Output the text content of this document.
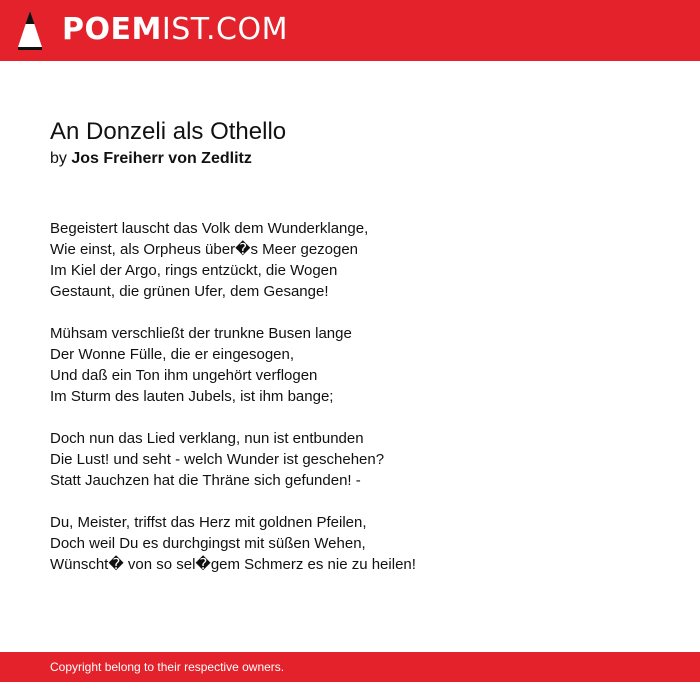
POEMIST.COM
An Donzeli als Othello
by Jos Freiherr von Zedlitz
Begeistert lauscht das Volk dem Wunderklange,
Wie einst, als Orpheus über�s Meer gezogen
Im Kiel der Argo, rings entzückt, die Wogen
Gestaunt, die grünen Ufer, dem Gesange!
Mühsam verschließt der trunkne Busen lange
Der Wonne Fülle, die er eingesogen,
Und daß ein Ton ihm ungehört verflogen
Im Sturm des lauten Jubels, ist ihm bange;
Doch nun das Lied verklang, nun ist entbunden
Die Lust! und seht - welch Wunder ist geschehen?
Statt Jauchzen hat die Thräne sich gefunden! -
Du, Meister, triffst das Herz mit goldnen Pfeilen,
Doch weil Du es durchgingst mit süßen Wehen,
Wünscht� von so sel�gem Schmerz es nie zu heilen!
Copyright belong to their respective owners.
